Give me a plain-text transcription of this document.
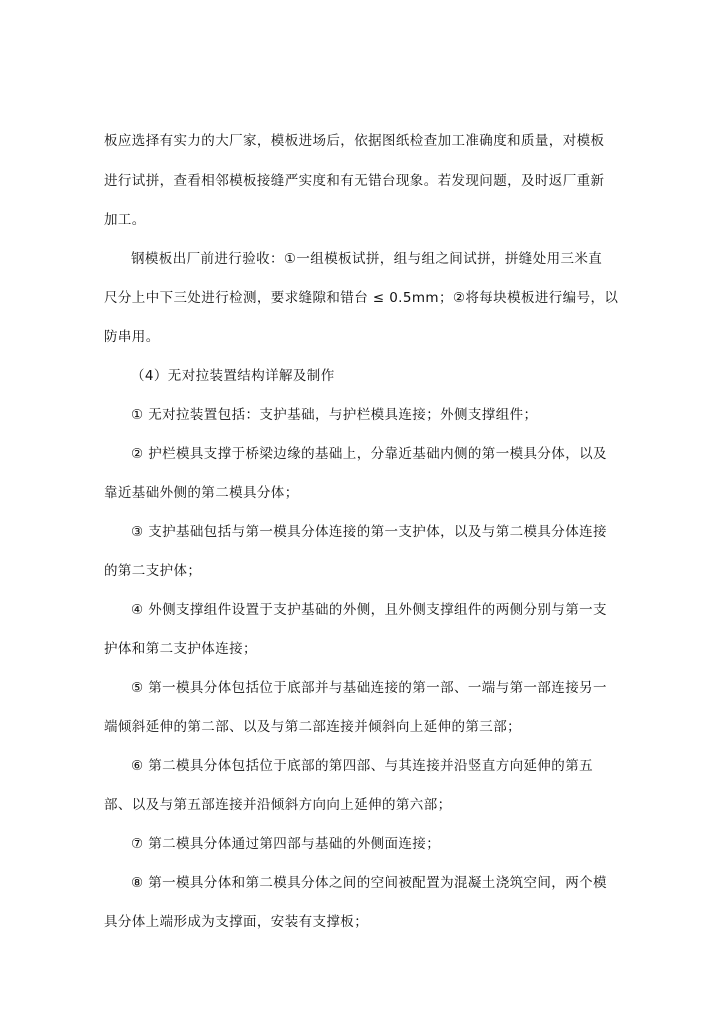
板应选择有实力的大厂家，模板进场后，依据图纸检查加工准确度和质量，对模板
进行试拼，查看相邻模板接缝严实度和有无错台现象。若发现问题，及时返厂重新
加工。
钢模板出厂前进行验收：①一组模板试拼，组与组之间试拼，拼缝处用三米直
尺分上中下三处进行检测，要求缝隙和错台 ≤ 0.5mm；②将每块模板进行编号，以
防串用。
（4）无对拉装置结构详解及制作
① 无对拉装置包括：支护基础，与护栏模具连接；外侧支撑组件；
② 护栏模具支撑于桥梁边缘的基础上，分靠近基础内侧的第一模具分体，以及
靠近基础外侧的第二模具分体；
③ 支护基础包括与第一模具分体连接的第一支护体，以及与第二模具分体连接
的第二支护体；
④ 外侧支撑组件设置于支护基础的外侧，且外侧支撑组件的两侧分别与第一支
护体和第二支护体连接；
⑤ 第一模具分体包括位于底部并与基础连接的第一部、一端与第一部连接另一
端倾斜延伸的第二部、以及与第二部连接并倾斜向上延伸的第三部；
⑥ 第二模具分体包括位于底部的第四部、与其连接并沿竖直方向延伸的第五
部、以及与第五部连接并沿倾斜方向向上延伸的第六部；
⑦ 第二模具分体通过第四部与基础的外侧面连接；
⑧ 第一模具分体和第二模具分体之间的空间被配置为混凝土浇筑空间，两个模
具分体上端形成为支撑面，安装有支撑板；
